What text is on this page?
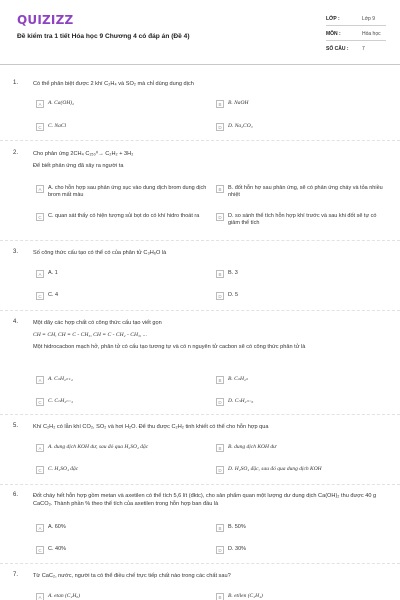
QUIZIZZ
Đề kiểm tra 1 tiết Hóa học 9 Chương 4 có đáp án (Đề 4)
LỚP :	Lớp 9
MÔN :	Hóa học
SỐ CÂU :	7
1.	Có thể phân biệt được 2 khí C₂H₄ và SO₂ mà chỉ dùng dung dịch
A	A. Ca(OH)₂	B	B. NaOH
C	C. NaCl	D	D. Na₂CO₃
2.	Cho phản ứng 2CH₄ C₁₅₀⁰→ C₂H₂ + 3H₂
Để biết phản ứng đã xảy ra người ta
A	A. cho hỗn hợp sau phản ứng sục vào dung dịch brom dung dịch brom mất màu
B	B. đốt hỗn hợ sau phản ứng, sẽ có phản ứng cháy và tỏa nhiều nhiệt
C	C. quan sát thấy có hiện tượng sủi bọt do có khí hidro thoát ra	D	D. so sánh thể tích hỗn hợp khí trước và sau khi đốt sẽ tự có giảm thể tích
3.	Số công thức cấu tạo có thể có của phân tử C₃H₆O là
A	A. 1	B	B. 3
C	C. 4	D	D. 5
4.	Một dãy các hợp chất có công thức cấu tạo viết gọn
CH ≡ CH, CH ≡ C - CH₃, CH ≡ C - CH₂ - CH₃, ...
Một hidrocacbon mạch hở, phân tử có cấu tạo tương tự và có n nguyên tử cacbon sẽ có công thức phân tử là
A	A. CₙH₂ₙ₊₂	B	B. CₙH₂ₙ
C	C. CₙH₂ₙ₋₂	D	D. CₙH₂ₙ₋₆
5.	Khí C₂H₂ có lẫn khí CO₂, SO₂ và hơi H₂O. Để thu được C₂H₂ tinh khiết có thể cho hỗn hợp qua
A	A. dung dịch KOH dư, sau đó qua H₂SO₄ đặc	B	B. dung dịch KOH dư
C	C. H₂SO₄ đặc	D	D. H₂SO₄ đặc, sau đó qua dung dịch KOH
6.	Đốt cháy hết hỗn hợp gồm metan và axetilen có thể tích 5,6 lít (đktc), cho sản phẩm quan một lượng dư dung dịch Ca(OH)₂ thu được 40 g CaCO₃. Thành phần % theo thể tích của axetilen trong hỗn hợp ban đầu là
A	A. 60%	B	B. 50%
C	C. 40%	D	D. 30%
7.	Từ CaC₂, nước, người ta có thể điều chế trực tiếp chất nào trong các chất sau?
A	A. etan (C₂H₆)	B	B. etilen (C₂H₄)
